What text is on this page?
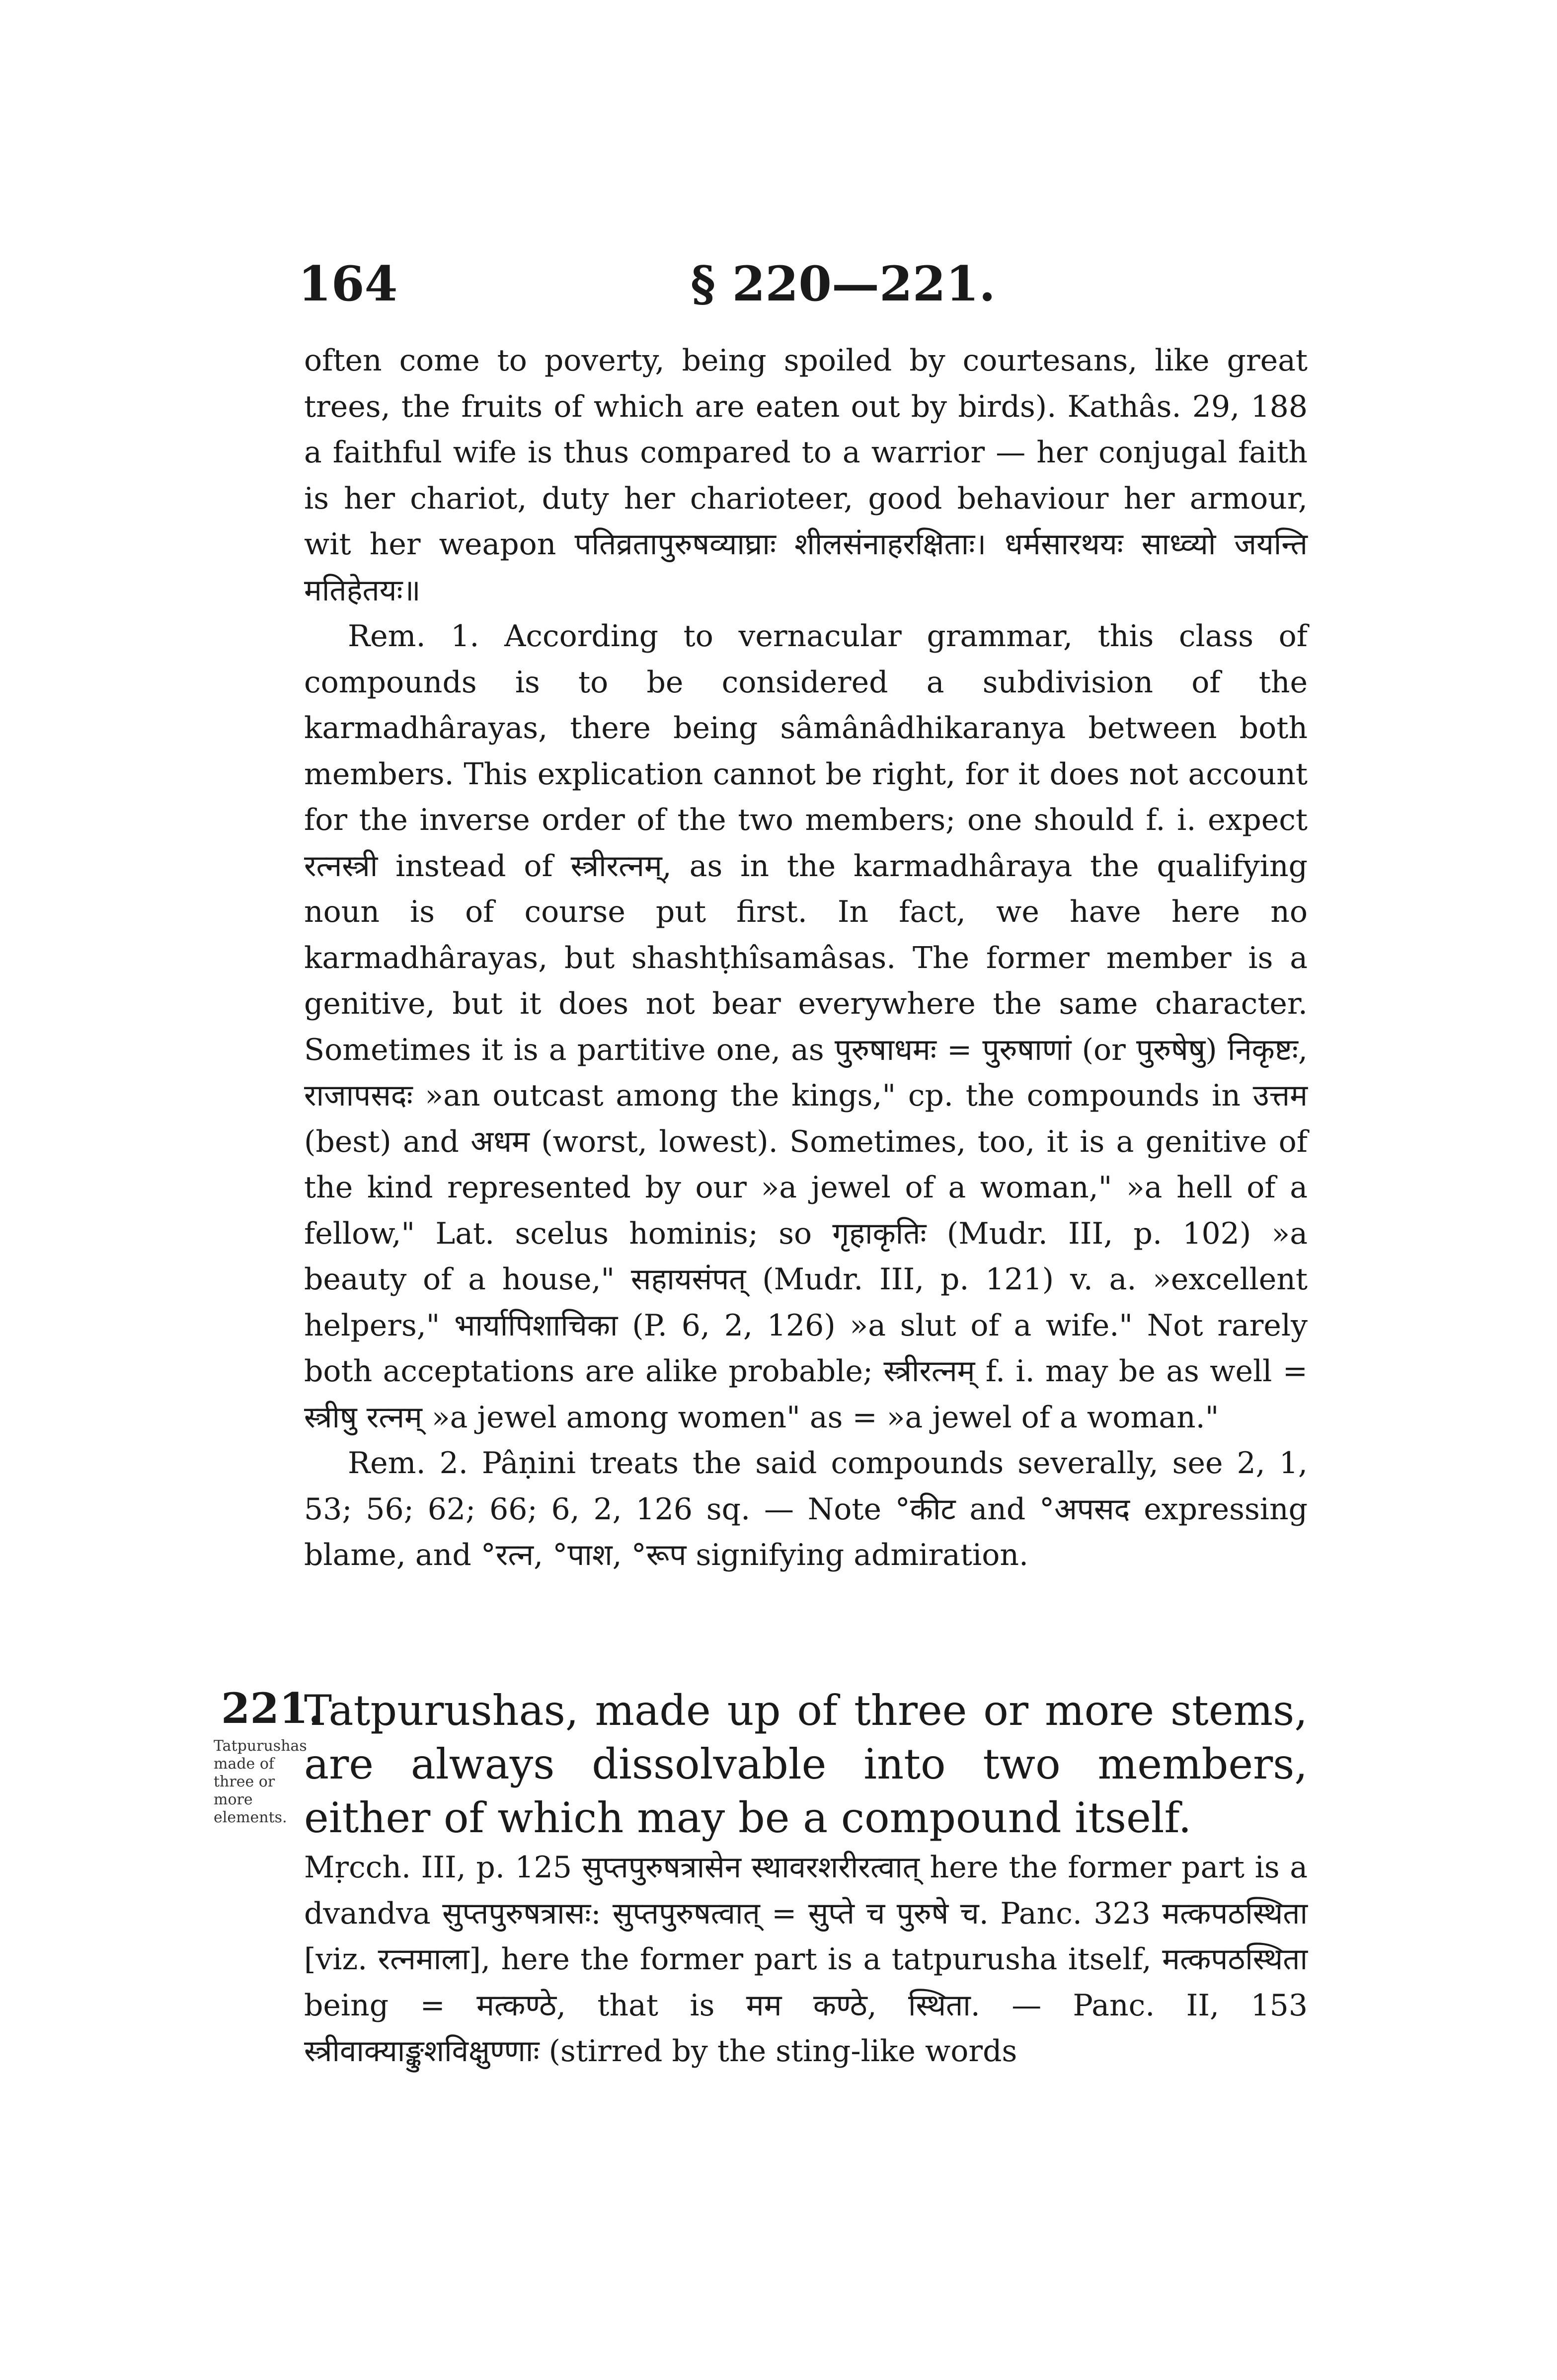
164	§ 220—221.

often come to poverty, being spoiled by courtesans, like great trees, the fruits of which are eaten out by birds). Kathâs. 29, 188 a faithful wife is thus compared to a warrior — her conjugal faith is her chariot, duty her charioteer, good behaviour her armour, wit her weapon पतिव्रतापुरुषव्याघ्राः शीलसंनाहरक्षिताः। धर्मसारथयः साध्व्यो जयन्ति मतिहेतयः॥

Rem. 1. According to vernacular grammar, this class of compounds is to be considered a subdivision of the karmadhârayas, there being sâmânâdhikaranya between both members. This explication cannot be right, for it does not account for the inverse order of the two members; one should f. i. expect रत्नस्त्री instead of स्त्रीरत्नम्, as in the karmadhâraya the qualifying noun is of course put first. In fact, we have here no karmadhârayas, but shashṭhîsamâsas. The former member is a genitive, but it does not bear everywhere the same character. Sometimes it is a partitive one, as पुरुषाधमः = पुरुषाणां (or पुरुषेषु) निकृष्टः, राजापसदः »an outcast among the kings," cp. the compounds in उत्तम (best) and अधम (worst, lowest). Sometimes, too, it is a genitive of the kind represented by our »a jewel of a woman," »a hell of a fellow," Lat. scelus hominis; so गृहाकृतिः (Mudr. III, p. 102) »a beauty of a house," सहायसंपत् (Mudr. III, p. 121) v. a. »excellent helpers," भार्यापिशाचिका (P. 6, 2, 126) »a slut of a wife." Not rarely both acceptations are alike probable; स्त्रीरत्नम् f. i. may be as well = स्त्रीषु रत्नम् »a jewel among women" as = »a jewel of a woman."

Rem. 2. Pâṇini treats the said compounds severally, see 2, 1, 53; 56; 62; 66; 6, 2, 126 sq. — Note °कीट and °अपसद expressing blame, and °रत्न, °पाश, °रूप signifying admiration.

221.
Tatpurushas made of three or more elements.
Tatpurushas, made up of three or more stems, are always dissolvable into two members, either of which may be a compound itself.
Mṛcch. III, p. 125 सुप्तपुरुषत्रासेन स्थावरशरीरत्वात् here the former part is a dvandva सुप्तपुरुषत्रासः: सुप्तपुरुषत्वात् = सुप्ते च पुरुषे च. Panc. 323 मत्कपठस्थिता [viz. रत्नमाला], here the former part is a tatpurusha itself, मत्कपठस्थिता being = मत्कण्ठे, that is मम कण्ठे, स्थिता. — Panc. II, 153 स्त्रीवाक्याङ्कुशविक्षुण्णाः (stirred by the sting-like words
